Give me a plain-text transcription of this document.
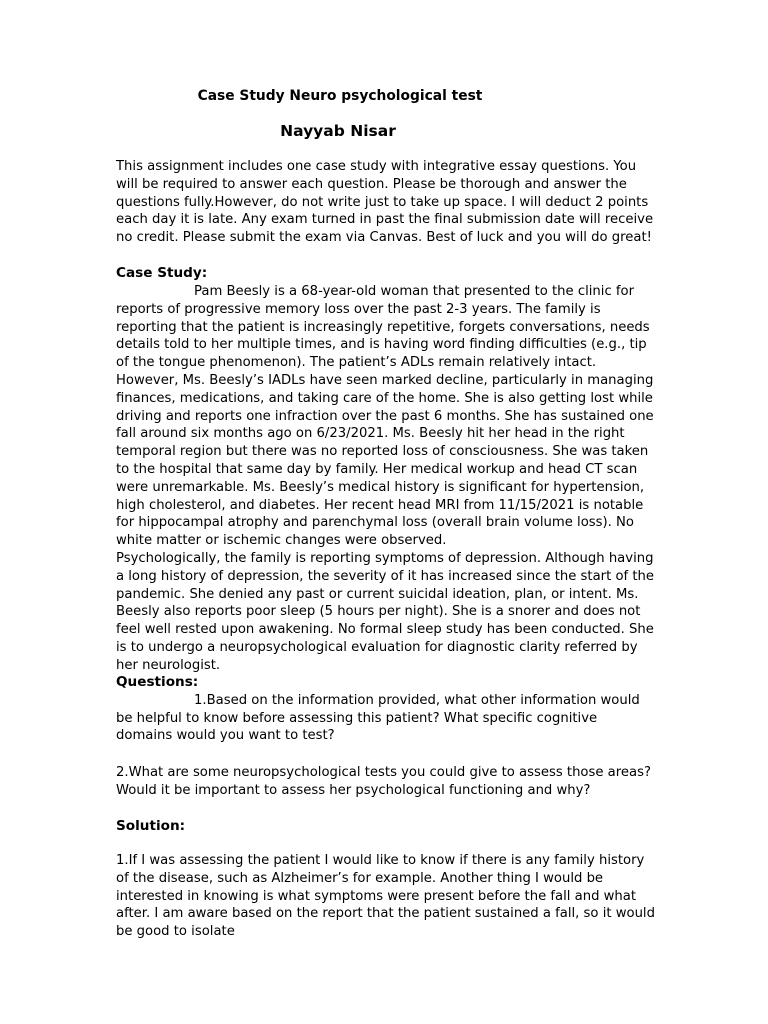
Case Study Neuro psychological test
Nayyab Nisar

This assignment includes one case study with integrative essay questions. You will be required to answer each question. Please be thorough and answer the questions fully.However, do not write just to take up space. I will deduct 2 points each day it is late. Any exam turned in past the final submission date will receive no credit. Please submit the exam via Canvas. Best of luck and you will do great!

Case Study:

Pam Beesly is a 68-year-old woman that presented to the clinic for reports of progressive memory loss over the past 2-3 years. The family is reporting that the patient is increasingly repetitive, forgets conversations, needs details told to her multiple times, and is having word finding difficulties (e.g., tip of the tongue phenomenon). The patient’s ADLs remain relatively intact. However, Ms. Beesly’s IADLs have seen marked decline, particularly in managing finances, medications, and taking care of the home. She is also getting lost while driving and reports one infraction over the past 6 months. She has sustained one fall around six months ago on 6/23/2021. Ms. Beesly hit her head in the right temporal region but there was no reported loss of consciousness. She was taken to the hospital that same day by family. Her medical workup and head CT scan were unremarkable. Ms. Beesly’s medical history is significant for hypertension, high cholesterol, and diabetes. Her recent head MRI from 11/15/2021 is notable for hippocampal atrophy and parenchymal loss (overall brain volume loss). No white matter or ischemic changes were observed.

Psychologically, the family is reporting symptoms of depression. Although having a long history of depression, the severity of it has increased since the start of the pandemic. She denied any past or current suicidal ideation, plan, or intent. Ms. Beesly also reports poor sleep (5 hours per night). She is a snorer and does not feel well rested upon awakening. No formal sleep study has been conducted. She is to undergo a neuropsychological evaluation for diagnostic clarity referred by her neurologist.

Questions:

1.Based on the information provided, what other information would be helpful to know before assessing this patient? What specific cognitive domains would you want to test?

2.What are some neuropsychological tests you could give to assess those areas? Would it be important to assess her psychological functioning and why?

Solution:

1.If I was assessing the patient I would like to know if there is any family history of the disease, such as Alzheimer’s for example. Another thing I would be interested in knowing is what symptoms were present before the fall and what after. I am aware based on the report that the patient sustained a fall, so it would be good to isolate
